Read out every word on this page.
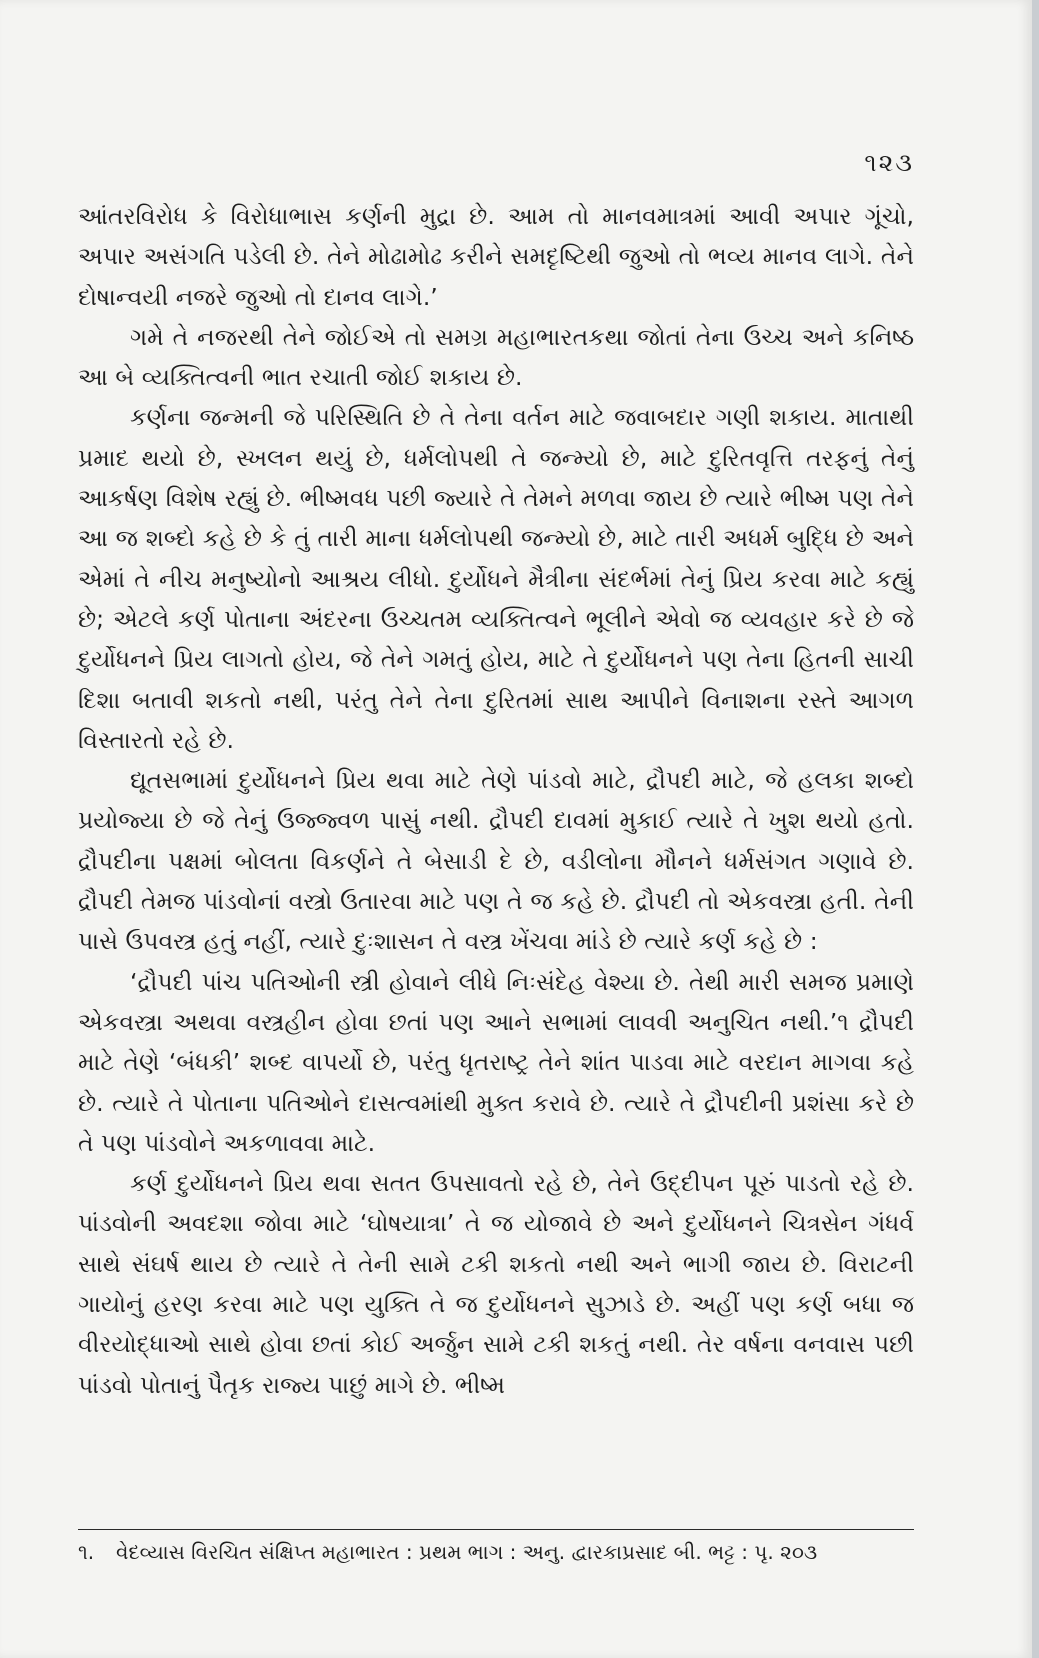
૧૨૩

આંતરવિરોધ કે વિરોધાભાસ કર્ણની મુદ્રા છે. આમ તો માનવમાત્રમાં આવી અપાર ગૂંચો, અપાર અસંગતિ પડેલી છે. તેને મોઢામોઢ કરીને સમદૃષ્ટિથી જુઓ તો ભવ્ય માનવ લાગે. તેને દોષાન્વયી નજરે જુઓ તો દાનવ લાગે.’

ગમે તે નજરથી તેને જોઈએ તો સમગ્ર મહાભારતકથા જોતાં તેના ઉચ્ચ અને કનિષ્ઠ આ બે વ્યક્તિત્વની ભાત રચાતી જોઈ શકાય છે.

કર્ણના જન્મની જે પરિસ્થિતિ છે તે તેના વર્તન માટે જવાબદાર ગણી શકાય. માતાથી પ્રમાદ થયો છે, સ્ખલન થયું છે, ધર્મલોપથી તે જન્મ્યો છે, માટે દુરિતવૃત્તિ તરફનું તેનું આકર્ષણ વિશેષ રહ્યું છે. ભીષ્મવધ પછી જ્યારે તે તેમને મળવા જાય છે ત્યારે ભીષ્મ પણ તેને આ જ શબ્દો કહે છે કે તું તારી માના ધર્મલોપથી જન્મ્યો છે, માટે તારી અધર્મ બુદ્ધિ છે અને એમાં તે નીચ મનુષ્યોનો આશ્રય લીધો. દુર્યોધને મૈત્રીના સંદર્ભમાં તેનું પ્રિય કરવા માટે કહ્યું છે; એટલે કર્ણ પોતાના અંદરના ઉચ્ચતમ વ્યક્તિત્વને ભૂલીને એવો જ વ્યવહાર કરે છે જે દુર્યોધનને પ્રિય લાગતો હોય, જે તેને ગમતું હોય, માટે તે દુર્યોધનને પણ તેના હિતની સાચી દિશા બતાવી શકતો નથી, પરંતુ તેને તેના દુરિતમાં સાથ આપીને વિનાશના રસ્તે આગળ વિસ્તારતો રહે છે.

દ્યૂતસભામાં દુર્યોધનને પ્રિય થવા માટે તેણે પાંડવો માટે, દ્રૌપદી માટે, જે હલકા શબ્દો પ્રયોજ્યા છે જે તેનું ઉજ્જ્વળ પાસું નથી. દ્રૌપદી દાવમાં મુકાઈ ત્યારે તે ખુશ થયો હતો. દ્રૌપદીના પક્ષમાં બોલતા વિકર્ણને તે બેસાડી દે છે, વડીલોના મૌનને ધર્મસંગત ગણાવે છે. દ્રૌપદી તેમજ પાંડવોનાં વસ્ત્રો ઉતારવા માટે પણ તે જ કહે છે. દ્રૌપદી તો એકવસ્ત્રા હતી. તેની પાસે ઉપવસ્ત્ર હતું નહીં, ત્યારે દુઃશાસન તે વસ્ત્ર ખેંચવા માંડે છે ત્યારે કર્ણ કહે છે :

‘દ્રૌપદી પાંચ પતિઓની સ્ત્રી હોવાને લીધે નિઃસંદેહ વેશ્યા છે. તેથી મારી સમજ પ્રમાણે એકવસ્ત્રા અથવા વસ્ત્રહીન હોવા છતાં પણ આને સભામાં લાવવી અનુચિત નથી.’૧ દ્રૌપદી માટે તેણે ‘બંધકી’ શબ્દ વાપર્યો છે, પરંતુ ધૃતરાષ્ટ્ર તેને શાંત પાડવા માટે વરદાન માગવા કહે છે. ત્યારે તે પોતાના પતિઓને દાસત્વમાંથી મુક્ત કરાવે છે. ત્યારે તે દ્રૌપદીની પ્રશંસા કરે છે તે પણ પાંડવોને અકળાવવા માટે.

કર્ણ દુર્યોધનને પ્રિય થવા સતત ઉપસાવતો રહે છે, તેને ઉદ્દીપન પૂરું પાડતો રહે છે. પાંડવોની અવદશા જોવા માટે ‘ઘોષયાત્રા’ તે જ યોજાવે છે અને દુર્યોધનને ચિત્રસેન ગંધર્વ સાથે સંઘર્ષ થાય છે ત્યારે તે તેની સામે ટકી શકતો નથી અને ભાગી જાય છે. વિરાટની ગાયોનું હરણ કરવા માટે પણ યુક્તિ તે જ દુર્યોધનને સુઝાડે છે. અહીં પણ કર્ણ બધા જ વીરયોદ્ધાઓ સાથે હોવા છતાં કોઈ અર્જુન સામે ટકી શકતું નથી. તેર વર્ષના વનવાસ પછી પાંડવો પોતાનું પૈતૃક રાજ્ય પાછું માગે છે. ભીષ્મ

૧. વેદવ્યાસ વિરચિત સંક્ષિપ્ત મહાભારત : પ્રથમ ભાગ : અનુ. દ્વારકાપ્રસાદ બી. ભટ્ટ : પૃ. ૨૦૩
